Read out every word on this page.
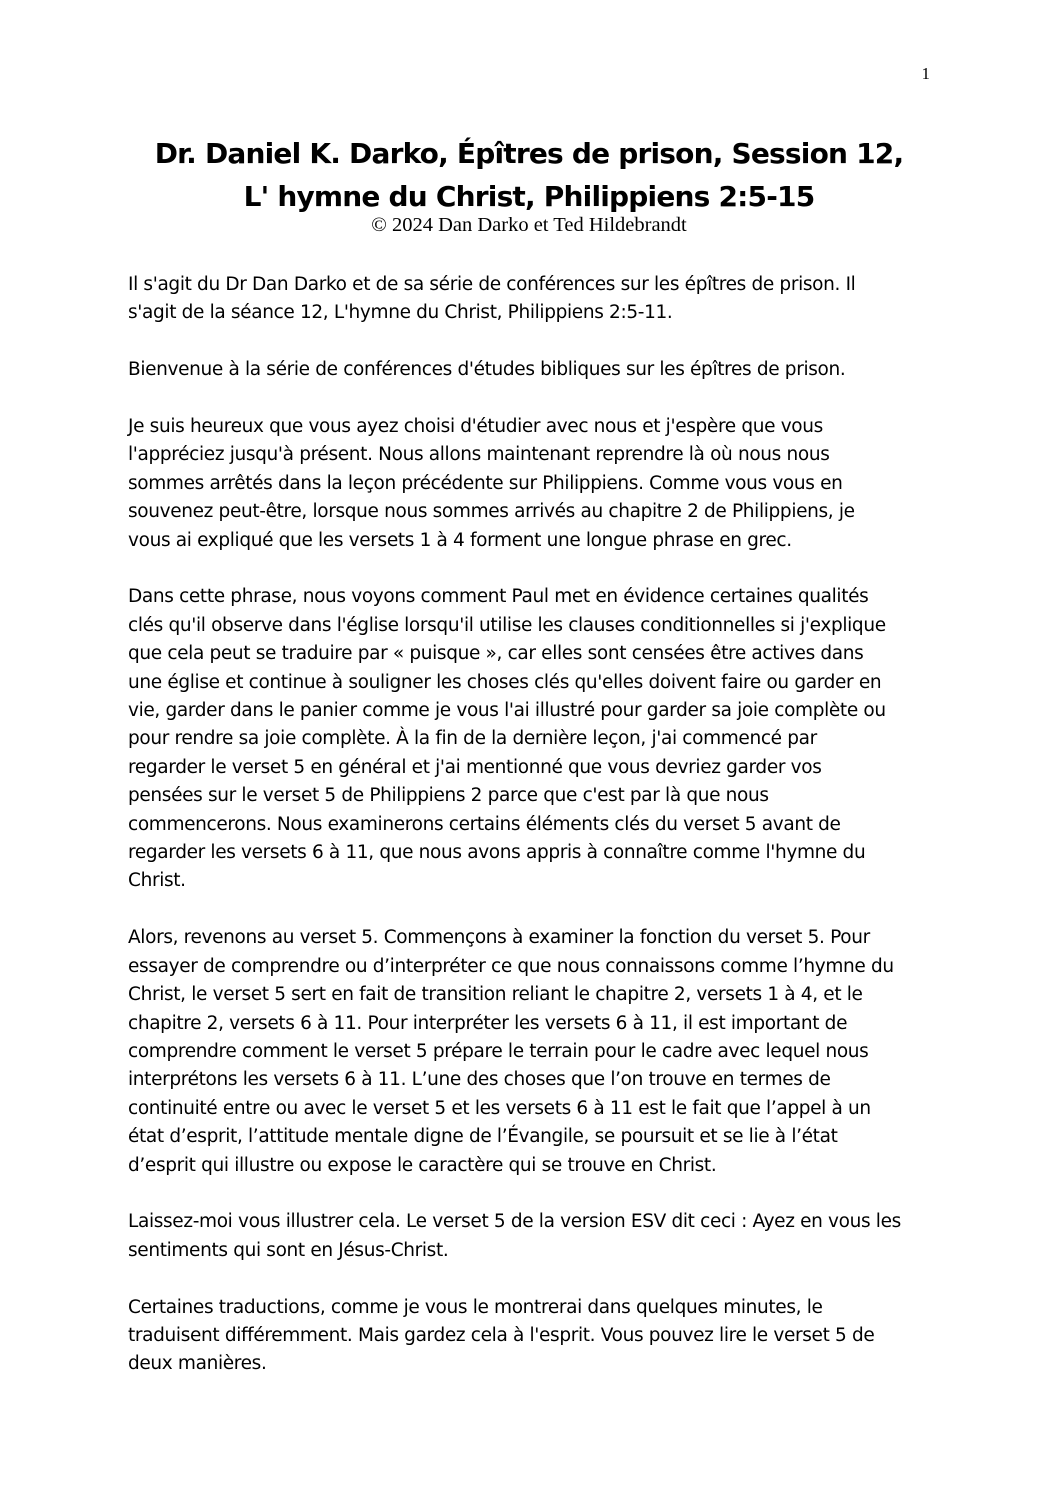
1
Dr. Daniel K. Darko, Épîtres de prison, Session 12,
L' hymne du Christ, Philippiens 2:5-15
© 2024 Dan Darko et Ted Hildebrandt
Il s'agit du Dr Dan Darko et de sa série de conférences sur les épîtres de prison. Il
s'agit de la séance 12, L'hymne du Christ, Philippiens 2:5-11.
Bienvenue à la série de conférences d'études bibliques sur les épîtres de prison.
Je suis heureux que vous ayez choisi d'étudier avec nous et j'espère que vous
l'appréciez jusqu'à présent. Nous allons maintenant reprendre là où nous nous
sommes arrêtés dans la leçon précédente sur Philippiens. Comme vous vous en
souvenez peut-être, lorsque nous sommes arrivés au chapitre 2 de Philippiens, je
vous ai expliqué que les versets 1 à 4 forment une longue phrase en grec.
Dans cette phrase, nous voyons comment Paul met en évidence certaines qualités
clés qu'il observe dans l'église lorsqu'il utilise les clauses conditionnelles si j'explique
que cela peut se traduire par « puisque », car elles sont censées être actives dans
une église et continue à souligner les choses clés qu'elles doivent faire ou garder en
vie, garder dans le panier comme je vous l'ai illustré pour garder sa joie complète ou
pour rendre sa joie complète. À la fin de la dernière leçon, j'ai commencé par
regarder le verset 5 en général et j'ai mentionné que vous devriez garder vos
pensées sur le verset 5 de Philippiens 2 parce que c'est par là que nous
commencerons. Nous examinerons certains éléments clés du verset 5 avant de
regarder les versets 6 à 11, que nous avons appris à connaître comme l'hymne du
Christ.
Alors, revenons au verset 5. Commençons à examiner la fonction du verset 5. Pour
essayer de comprendre ou d’interpréter ce que nous connaissons comme l’hymne du
Christ, le verset 5 sert en fait de transition reliant le chapitre 2, versets 1 à 4, et le
chapitre 2, versets 6 à 11. Pour interpréter les versets 6 à 11, il est important de
comprendre comment le verset 5 prépare le terrain pour le cadre avec lequel nous
interprétons les versets 6 à 11. L’une des choses que l’on trouve en termes de
continuité entre ou avec le verset 5 et les versets 6 à 11 est le fait que l’appel à un
état d’esprit, l’attitude mentale digne de l’Évangile, se poursuit et se lie à l’état
d’esprit qui illustre ou expose le caractère qui se trouve en Christ.
Laissez-moi vous illustrer cela. Le verset 5 de la version ESV dit ceci : Ayez en vous les
sentiments qui sont en Jésus-Christ.
Certaines traductions, comme je vous le montrerai dans quelques minutes, le
traduisent différemment. Mais gardez cela à l'esprit. Vous pouvez lire le verset 5 de
deux manières.
